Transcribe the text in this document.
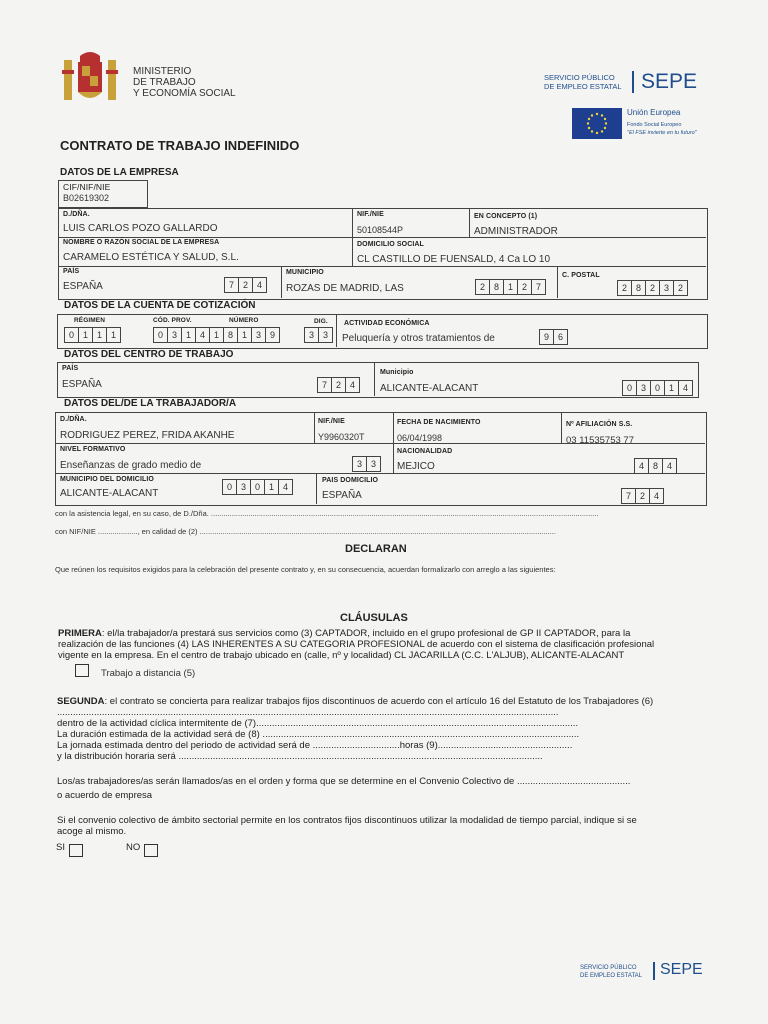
MINISTERIO
DE TRABAJO
Y ECONOMÍA SOCIAL
SERVICIO PÚBLICO
DE EMPLEO ESTATAL SEPE
Unión Europea
Fondo Social Europeo
"El FSE invierte en tu futuro"
CONTRATO DE TRABAJO INDEFINIDO
DATOS DE LA EMPRESA
CIF/NIF/NIE
B02619302
D./DÑA.
LUIS CARLOS POZO GALLARDO
NIF./NIE
50108544P
EN CONCEPTO (1)
ADMINISTRADOR
NOMBRE O RAZÓN SOCIAL DE LA EMPRESA
CARAMELO ESTÉTICA Y SALUD, S.L.
DOMICILIO SOCIAL
CL CASTILLO DE FUENSALD, 4 Ca LO 10
PAÍS
ESPAÑA	7 2 4
MUNICIPIO
ROZAS DE MADRID, LAS	2 8 1 2 7
C. POSTAL
2 8 2 3 2
DATOS DE LA CUENTA DE COTIZACIÓN
RÉGIMEN	CÓD. PROV.	NÚMERO	DIG.
0 1 1 1	0 3 1 4 1 8 1 3 9	3 3
ACTIVIDAD ECONÓMICA
Peluquería y otros tratamientos de	9 6
DATOS DEL CENTRO DE TRABAJO
PAÍS
ESPAÑA	7 2 4
Municipio
ALICANTE-ALACANT	0 3 0 1 4
DATOS DEL/DE LA TRABAJADOR/A
D./DÑA.
RODRIGUEZ PEREZ, FRIDA AKANHE
NIF./NIE
Y9960320T
FECHA DE NACIMIENTO
06/04/1998
Nº AFILIACIÓN S.S.
03 11535753 77
NIVEL FORMATIVO
Enseñanzas de grado medio de	3 3
NACIONALIDAD
MEJICO	4 8 4
MUNICIPIO DEL DOMICILIO
ALICANTE-ALACANT
0 3 0 1 4
PAIS DOMICILIO
ESPAÑA	7 2 4
con la asistencia legal, en su caso, de D./Dña. ..........................................................................................................................................................................................
con NIF/NIE ..................., en calidad de (2) ...........................................................................................................................................................................
DECLARAN
Que reúnen los requisitos exigidos para la celebración del presente contrato y, en su consecuencia, acuerdan formalizarlo con arreglo a las siguientes:
CLÁUSULAS
PRIMERA: el/la trabajador/a prestará sus servicios como (3) CAPTADOR, incluido en el grupo profesional de GP II CAPTADOR, para la
realización de las funciones (4) LAS INHERENTES A SU CATEGORIA PROFESIONAL de acuerdo con el sistema de clasificación profesional
vigente en la empresa. En el centro de trabajo ubicado en (calle, nº y localidad) CL JACARILLA (C.C. L'ALJUB), ALICANTE-ALACANT
Trabajo a distancia (5)
SEGUNDA: el contrato se concierta para realizar trabajos fijos discontinuos de acuerdo con el artículo 16 del Estatuto de los Trabajadores (6)
..............................................................................................................................................................................................
dentro de la actividad cíclica intermitente de (7)..........................................................................................................................
La duración estimada de la actividad será de (8) ........................................................................................................................
La jornada estimada dentro del periodo de actividad será de .................................horas (9)...................................................
y la distribución horaria será ..........................................................................................................................................
Los/as trabajadores/as serán llamados/as en el orden y forma que se determine en el Convenio Colectivo de ...........................................
o acuerdo de empresa
Si el convenio colectivo de ámbito sectorial permite en los contratos fijos discontinuos utilizar la modalidad de tiempo parcial, indique si se
acoge al mismo.
SI	NO
SERVICIO PÚBLICO
DE EMPLEO ESTATAL SEPE
